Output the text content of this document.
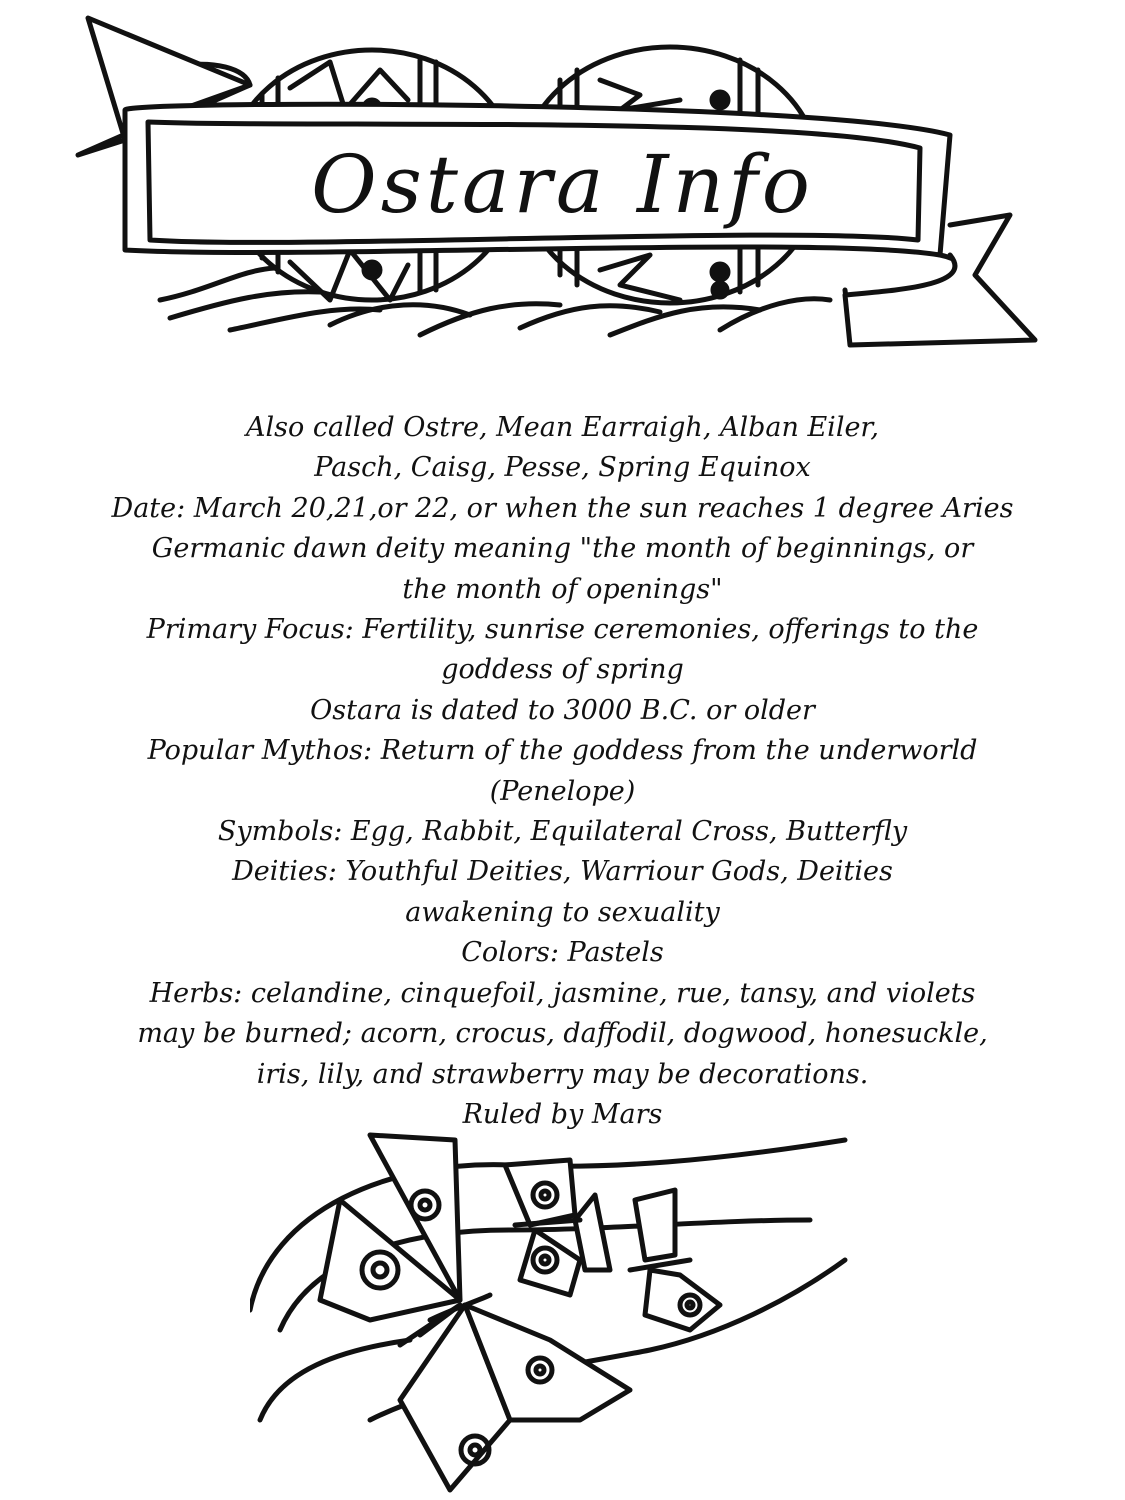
Ostara Info
Also called Ostre, Mean Earraigh, Alban Eiler,
Pasch, Caisg, Pesse, Spring Equinox
Date: March 20,21,or 22, or when the sun reaches 1 degree Aries
Germanic dawn deity meaning "the month of beginnings, or
the month of openings"
Primary Focus: Fertility, sunrise ceremonies, offerings to the
goddess of spring
Ostara is dated to 3000 B.C. or older
Popular Mythos: Return of the goddess from the underworld
(Penelope)
Symbols: Egg, Rabbit, Equilateral Cross, Butterfly
Deities: Youthful Deities, Warriour Gods, Deities
awakening to sexuality
Colors: Pastels
Herbs: celandine, cinquefoil, jasmine, rue, tansy, and violets
may be burned; acorn, crocus, daffodil, dogwood, honesuckle,
iris, lily, and strawberry may be decorations.
Ruled by Mars
